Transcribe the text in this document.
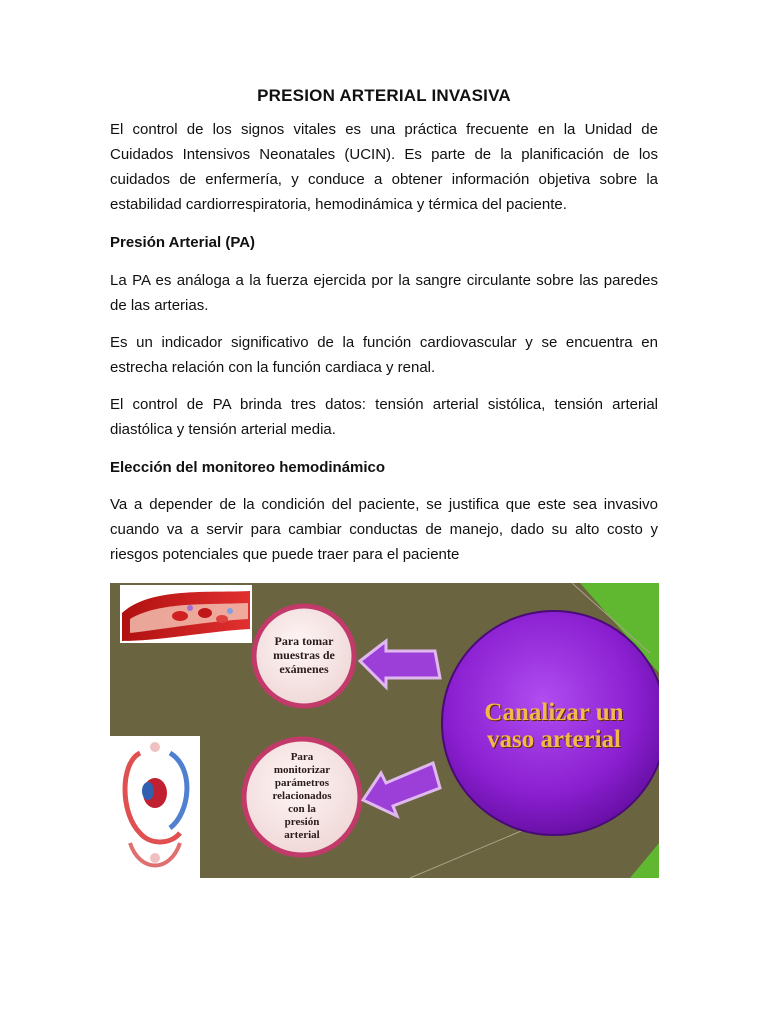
PRESION ARTERIAL INVASIVA

El control de los signos vitales es una práctica frecuente en la Unidad de Cuidados Intensivos Neonatales (UCIN). Es parte de la planificación de los cuidados de enfermería, y conduce a obtener información objetiva sobre la estabilidad cardiorrespiratoria, hemodinámica y térmica del paciente.

Presión Arterial (PA)

La PA es análoga a la fuerza ejercida por la sangre circulante sobre las paredes de las arterias.

Es un indicador significativo de la función cardiovascular y se encuentra en estrecha relación con la función cardiaca y renal.

El control de PA brinda tres datos: tensión arterial sistólica, tensión arterial diastólica y tensión arterial media.

Elección del monitoreo hemodinámico

Va a depender de la condición del paciente, se justifica que este sea invasivo cuando va a servir para cambiar conductas de manejo, dado su alto costo y riesgos potenciales que puede traer para el paciente

Canalizar un
vaso arterial
Para tomar
muestras de
exámenes
Para
monitorizar
parámetros
relacionados
con la
presión
arterial
